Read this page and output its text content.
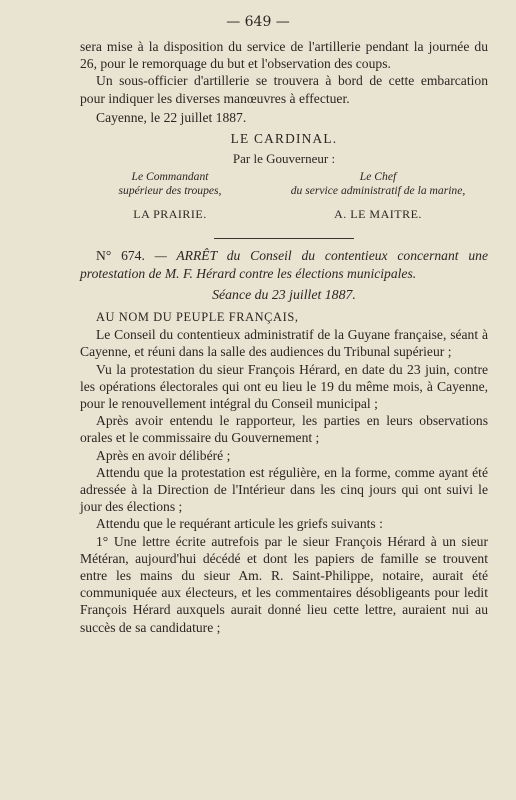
— 649 —

sera mise à la disposition du service de l'artillerie pendant la journée du 26, pour le remorquage du but et l'observation des coups.

Un sous-officier d'artillerie se trouvera à bord de cette embarcation pour indiquer les diverses manœuvres à effectuer.

Cayenne, le 22 juillet 1887.

LE CARDINAL.
Par le Gouverneur :
Le Commandant
supérieur des troupes,
LA PRAIRIE.
Le Chef
du service administratif de la marine,
A. LE MAITRE.

N° 674. — ARRÊT du Conseil du contentieux concernant une protestation de M. F. Hérard contre les élections municipales.

Séance du 23 juillet 1887.
AU NOM DU PEUPLE FRANÇAIS,

Le Conseil du contentieux administratif de la Guyane française, séant à Cayenne, et réuni dans la salle des audiences du Tribunal supérieur ;

Vu la protestation du sieur François Hérard, en date du 23 juin, contre les opérations électorales qui ont eu lieu le 19 du même mois, à Cayenne, pour le renouvellement intégral du Conseil municipal ;

Après avoir entendu le rapporteur, les parties en leurs observations orales et le commissaire du Gouvernement ;

Après en avoir délibéré ;

Attendu que la protestation est régulière, en la forme, comme ayant été adressée à la Direction de l'Intérieur dans les cinq jours qui ont suivi le jour des élections ;

Attendu que le requérant articule les griefs suivants :

1° Une lettre écrite autrefois par le sieur François Hérard à un sieur Météran, aujourd'hui décédé et dont les papiers de famille se trouvent entre les mains du sieur Am. R. Saint-Philippe, notaire, aurait été communiquée aux électeurs, et les commentaires désobligeants pour ledit François Hérard auxquels aurait donné lieu cette lettre, auraient nui au succès de sa candidature ;
